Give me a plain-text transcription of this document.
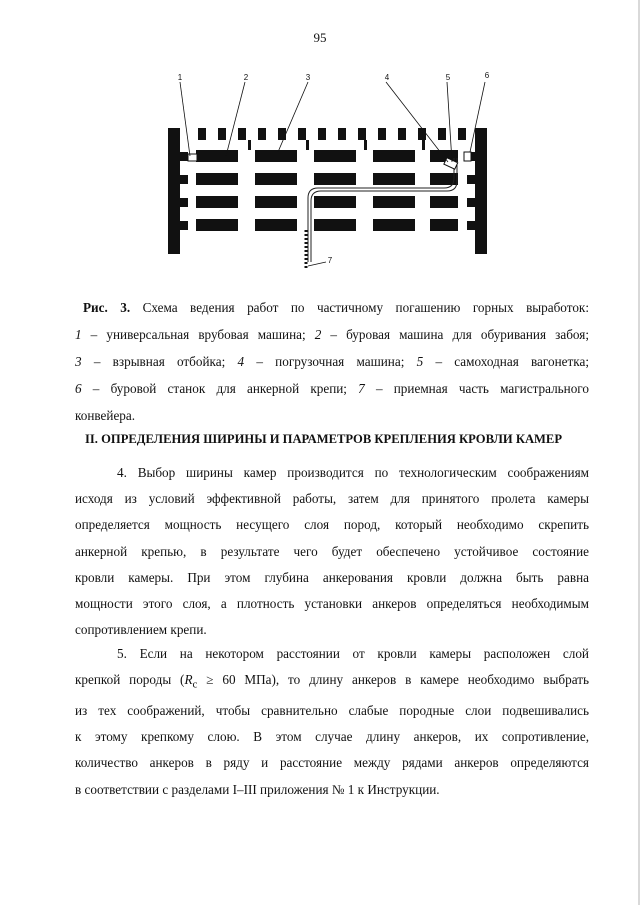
95
1	2	3	4	5	6
7
Рис. 3. Схема ведения работ по частичному погашению горных выработок:
1 – универсальная врубовая машина; 2 – буровая машина для обуривания забоя;
3 – взрывная отбойка; 4 – погрузочная машина; 5 – самоходная вагонетка;
6 – буровой станок для анкерной крепи; 7 – приемная часть магистрального
конвейера.
II. ОПРЕДЕЛЕНИЯ ШИРИНЫ И ПАРАМЕТРОВ КРЕПЛЕНИЯ КРОВЛИ КАМЕР
4. Выбор ширины камер производится по технологическим соображениям
исходя из условий эффективной работы, затем для принятого пролета камеры
определяется мощность несущего слоя пород, который необходимо скрепить
анкерной крепью, в результате чего будет обеспечено устойчивое состояние
кровли камеры. При этом глубина анкерования кровли должна быть равна
мощности этого слоя, а плотность установки анкеров определяться необходимым
сопротивлением крепи.
5. Если на некотором расстоянии от кровли камеры расположен слой
крепкой породы ($R_c \ge 60$ МПа), то длину анкеров в камере необходимо выбрать
из тех соображений, чтобы сравнительно слабые породные слои подвешивались
к этому крепкому слою. В этом случае длину анкеров, их сопротивление,
количество анкеров в ряду и расстояние между рядами анкеров определяются
в соответствии с разделами I–III приложения № 1 к Инструкции.
